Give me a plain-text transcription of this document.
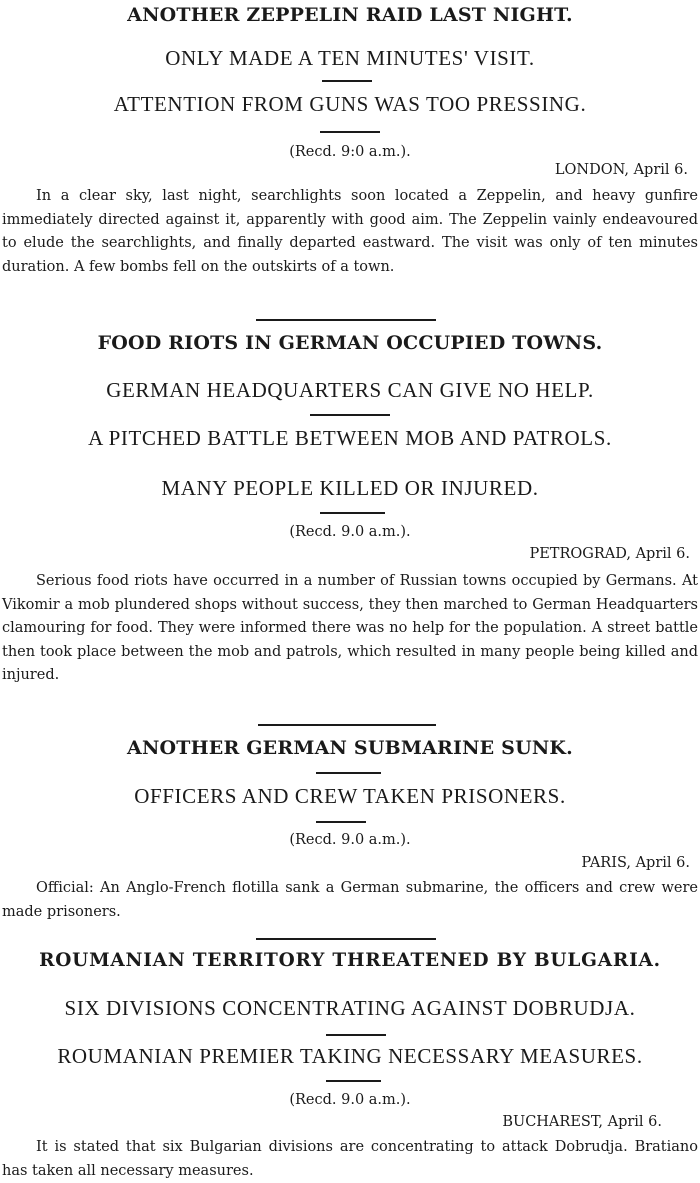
ANOTHER ZEPPELIN RAID LAST NIGHT.
ONLY MADE A TEN MINUTES' VISIT.
ATTENTION FROM GUNS WAS TOO PRESSING.
(Recd. 9:0 a.m.).
LONDON, April 6.
In a clear sky, last night, searchlights soon located a Zeppelin, and heavy gunfire immediately directed against it, apparently with good aim. The Zeppelin vainly endeavoured to elude the searchlights, and finally departed eastward. The visit was only of ten minutes duration. A few bombs fell on the outskirts of a town.
FOOD RIOTS IN GERMAN OCCUPIED TOWNS.
GERMAN HEADQUARTERS CAN GIVE NO HELP.
A PITCHED BATTLE BETWEEN MOB AND PATROLS.
MANY PEOPLE KILLED OR INJURED.
(Recd. 9.0 a.m.).
PETROGRAD, April 6.
Serious food riots have occurred in a number of Russian towns occupied by Germans. At Vikomir a mob plundered shops without success, they then marched to German Headquarters clamouring for food. They were informed there was no help for the population. A street battle then took place between the mob and patrols, which resulted in many people being killed and injured.
ANOTHER GERMAN SUBMARINE SUNK.
OFFICERS AND CREW TAKEN PRISONERS.
(Recd. 9.0 a.m.).
PARIS, April 6.
Official: An Anglo-French flotilla sank a German submarine, the officers and crew were made prisoners.
ROUMANIAN TERRITORY THREATENED BY BULGARIA.
SIX DIVISIONS CONCENTRATING AGAINST DOBRUDJA.
ROUMANIAN PREMIER TAKING NECESSARY MEASURES.
(Recd. 9.0 a.m.).
BUCHAREST, April 6.
It is stated that six Bulgarian divisions are concentrating to attack Dobrudja. Bratiano has taken all necessary measures.
